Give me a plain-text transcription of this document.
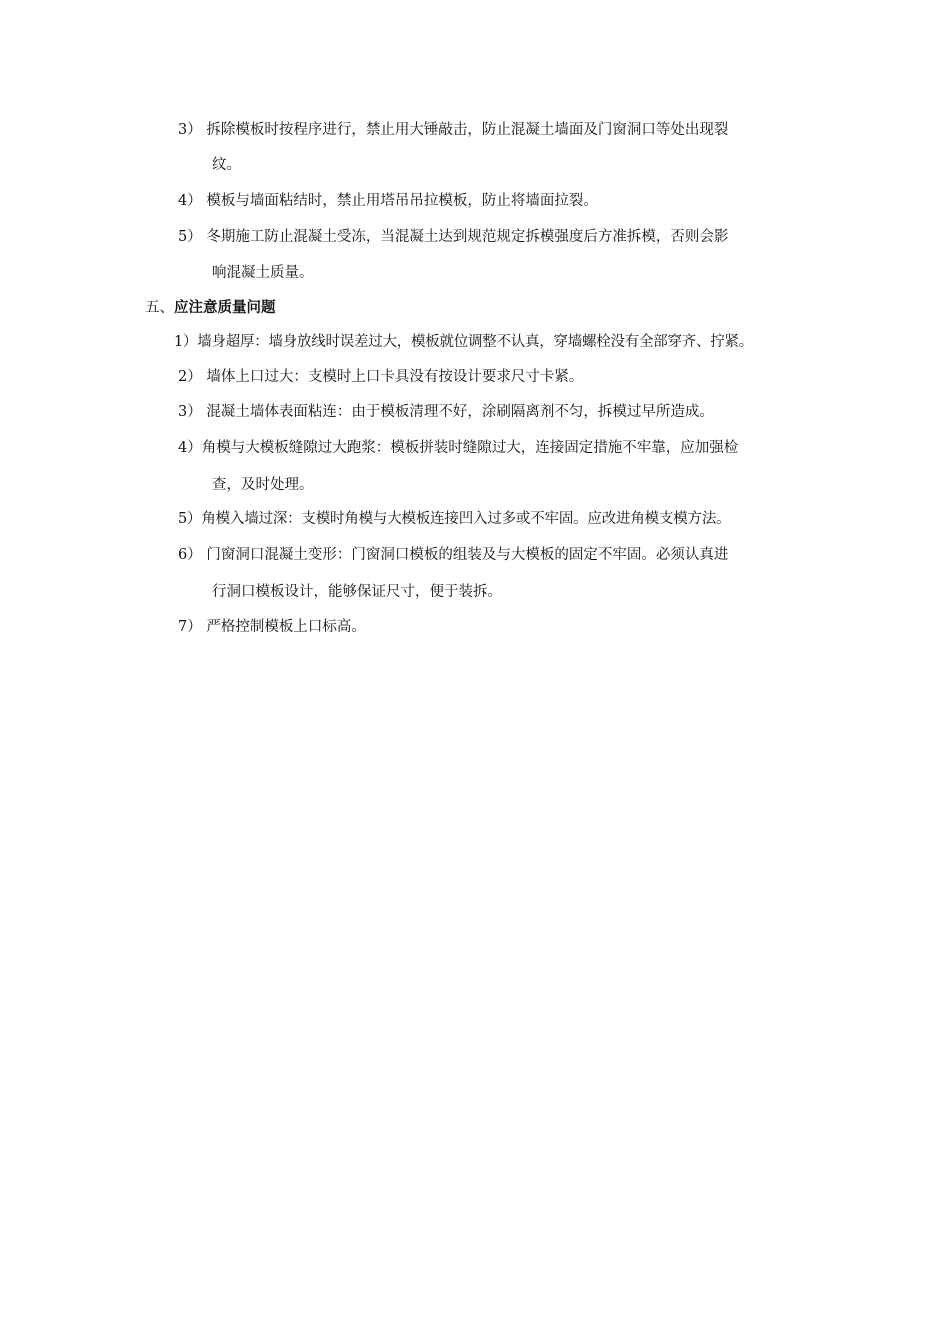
3） 拆除模板时按程序进行，禁止用大锤敲击，防止混凝土墙面及门窗洞口等处出现裂
纹。
4） 模板与墙面粘结时，禁止用塔吊吊拉模板，防止将墙面拉裂。
5） 冬期施工防止混凝土受冻，当混凝土达到规范规定拆模强度后方准拆模，否则会影
响混凝土质量。
五、应注意质量问题
1）墙身超厚：墙身放线时误差过大，模板就位调整不认真，穿墙螺栓没有全部穿齐、拧紧。
2） 墙体上口过大：支模时上口卡具没有按设计要求尺寸卡紧。
3） 混凝土墙体表面粘连：由于模板清理不好，涂刷隔离剂不匀，拆模过早所造成。
4）角模与大模板缝隙过大跑浆：模板拼装时缝隙过大，连接固定措施不牢靠，应加强检
查，及时处理。
5）角模入墙过深：支模时角模与大模板连接凹入过多或不牢固。应改进角模支模方法。
6） 门窗洞口混凝土变形：门窗洞口模板的组装及与大模板的固定不牢固。必须认真进
行洞口模板设计，能够保证尺寸，便于装拆。
7） 严格控制模板上口标高。
